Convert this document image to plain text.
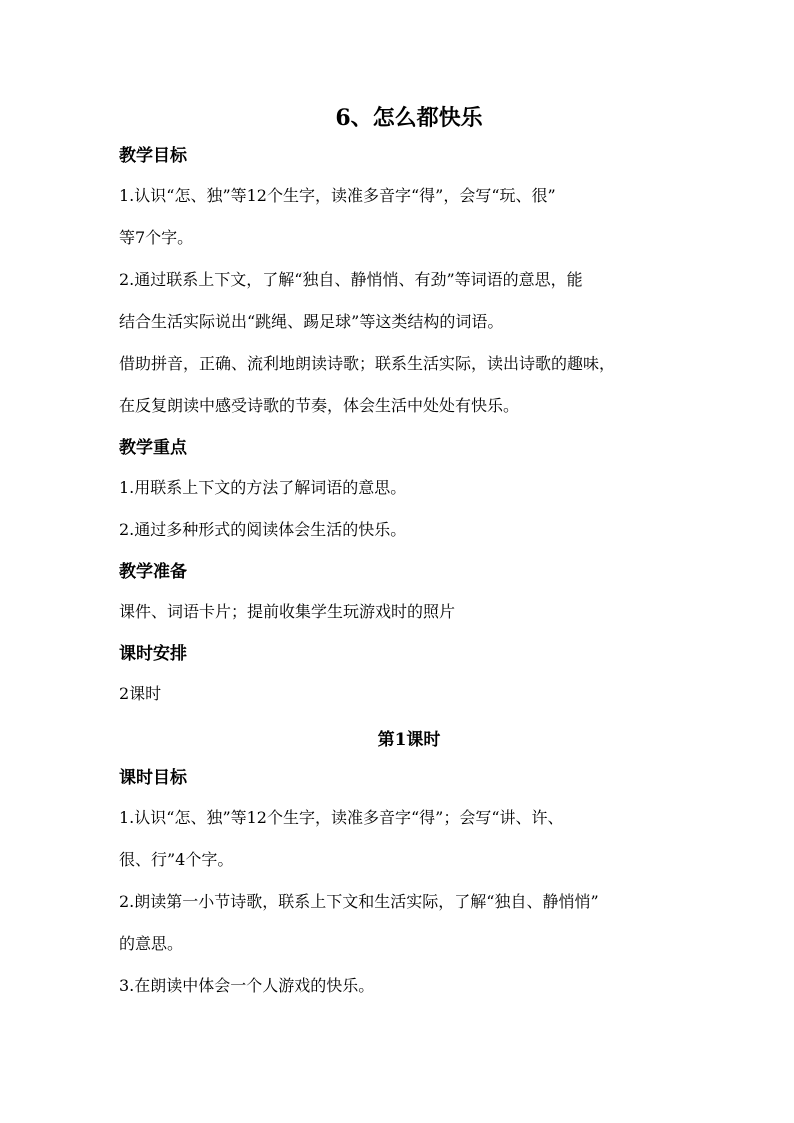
6、怎么都快乐
教学目标

1.认识“怎、独”等12个生字，读准多音字“得”，会写“玩、很”

等7个字。

2.通过联系上下文，了解“独自、静悄悄、有劲”等词语的意思，能

结合生活实际说出“跳绳、踢足球”等这类结构的词语。

借助拼音，正确、流利地朗读诗歌；联系生活实际，读出诗歌的趣味，

在反复朗读中感受诗歌的节奏，体会生活中处处有快乐。

教学重点

1.用联系上下文的方法了解词语的意思。

2.通过多种形式的阅读体会生活的快乐。

教学准备

课件、词语卡片；提前收集学生玩游戏时的照片

课时安排

2课时

第1课时
课时目标

1.认识“怎、独”等12个生字，读准多音字“得”；会写“讲、许、

很、行”4个字。

2.朗读第一小节诗歌，联系上下文和生活实际，了解“独自、静悄悄”

的意思。

3.在朗读中体会一个人游戏的快乐。
